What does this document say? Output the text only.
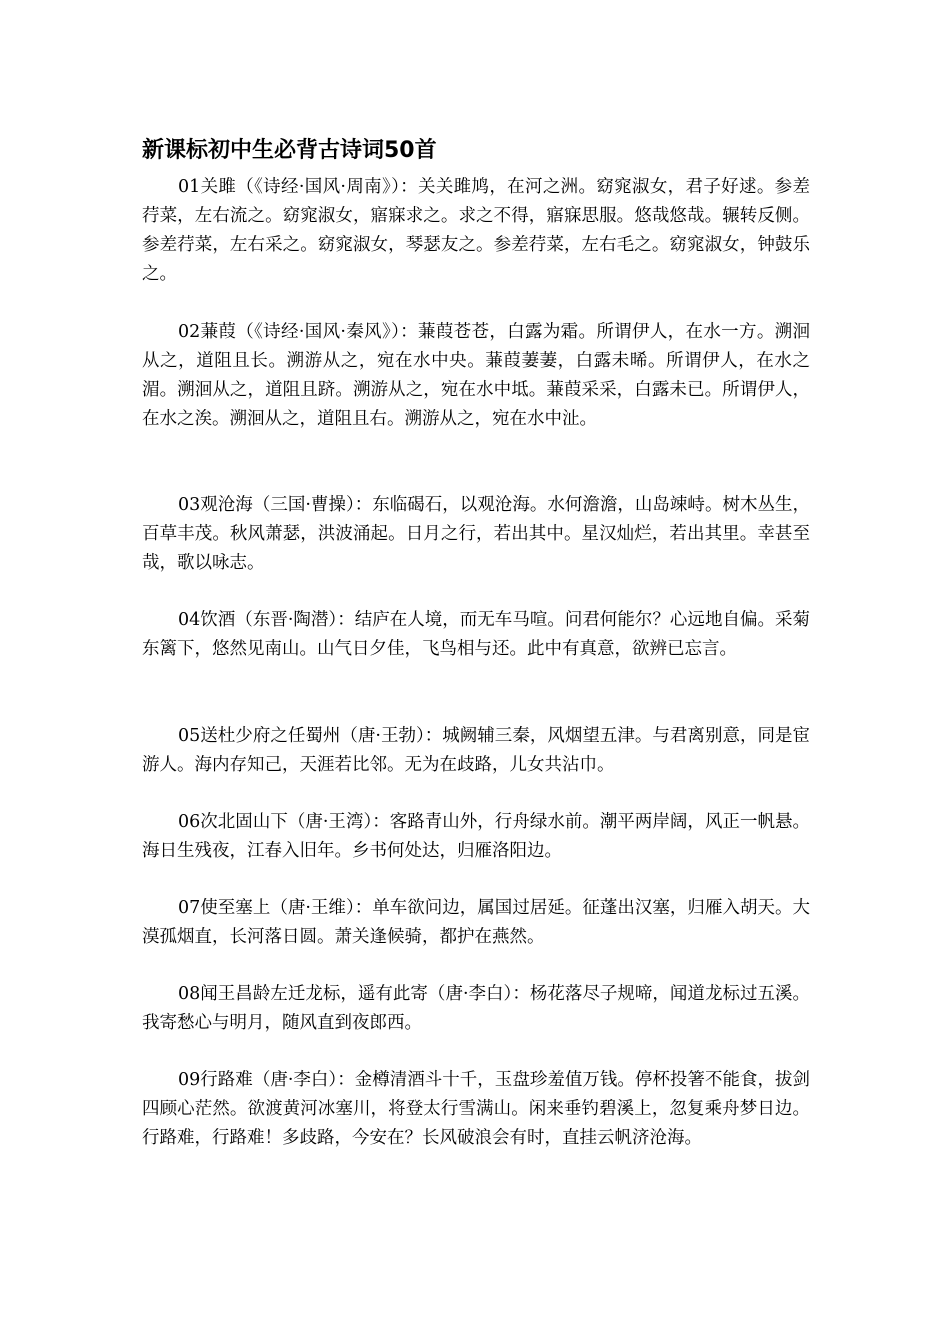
新课标初中生必背古诗词50首

01关雎（《诗经·国风·周南》）：关关雎鸠，在河之洲。窈窕淑女，君子好逑。参差荇菜，左右流之。窈窕淑女，寤寐求之。求之不得，寤寐思服。悠哉悠哉。辗转反侧。参差荇菜，左右采之。窈窕淑女，琴瑟友之。参差荇菜，左右毛之。窈窕淑女，钟鼓乐之。

02蒹葭（《诗经·国风·秦风》）：蒹葭苍苍，白露为霜。所谓伊人，在水一方。溯洄从之，道阻且长。溯游从之，宛在水中央。蒹葭萋萋，白露未晞。所谓伊人，在水之湄。溯洄从之，道阻且跻。溯游从之，宛在水中坻。蒹葭采采，白露未已。所谓伊人，在水之涘。溯洄从之，道阻且右。溯游从之，宛在水中沚。

03观沧海（三国·曹操）：东临碣石，以观沧海。水何澹澹，山岛竦峙。树木丛生，百草丰茂。秋风萧瑟，洪波涌起。日月之行，若出其中。星汉灿烂，若出其里。幸甚至哉，歌以咏志。

04饮酒（东晋·陶潜）：结庐在人境，而无车马喧。问君何能尔？心远地自偏。采菊东篱下，悠然见南山。山气日夕佳，飞鸟相与还。此中有真意，欲辨已忘言。

05送杜少府之任蜀州（唐·王勃）：城阙辅三秦，风烟望五津。与君离别意，同是宦游人。海内存知己，天涯若比邻。无为在歧路，儿女共沾巾。

06次北固山下（唐·王湾）：客路青山外，行舟绿水前。潮平两岸阔，风正一帆悬。海日生残夜，江春入旧年。乡书何处达，归雁洛阳边。

07使至塞上（唐·王维）：单车欲问边，属国过居延。征蓬出汉塞，归雁入胡天。大漠孤烟直，长河落日圆。萧关逢候骑，都护在燕然。

08闻王昌龄左迁龙标，遥有此寄（唐·李白）：杨花落尽子规啼，闻道龙标过五溪。我寄愁心与明月，随风直到夜郎西。

09行路难（唐·李白）：金樽清酒斗十千，玉盘珍羞值万钱。停杯投箸不能食，拔剑四顾心茫然。欲渡黄河冰塞川，将登太行雪满山。闲来垂钓碧溪上，忽复乘舟梦日边。行路难，行路难！多歧路，今安在？长风破浪会有时，直挂云帆济沧海。
